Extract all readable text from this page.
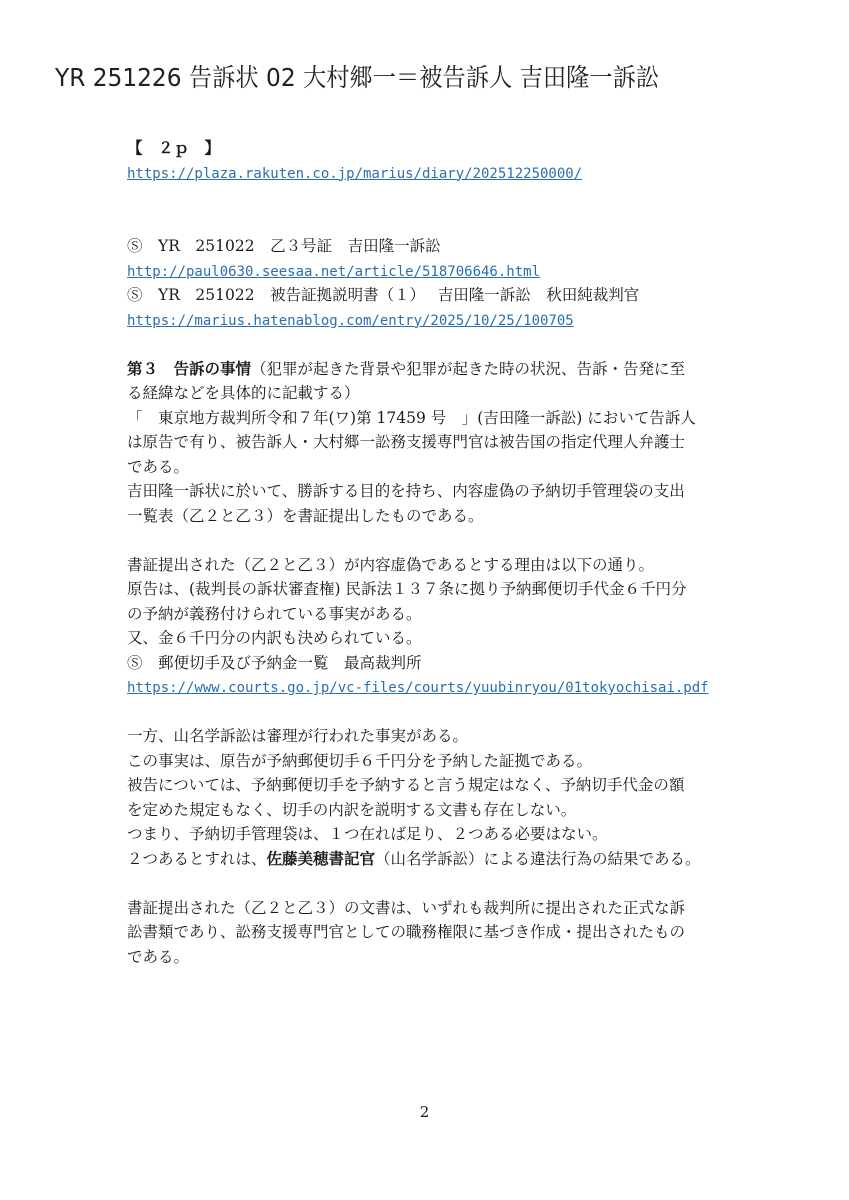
YR 251226 告訴状 02 大村郷一＝被告訴人 吉田隆一訴訟
【　２ｐ　】
https://plaza.rakuten.co.jp/marius/diary/202512250000/
Ⓢ　YR　251022　乙３号証　吉田隆一訴訟
http://paul0630.seesaa.net/article/518706646.html
Ⓢ　YR　251022　被告証拠説明書（１）　 吉田隆一訴訟　秋田純裁判官
https://marius.hatenablog.com/entry/2025/10/25/100705
第３　告訴の事情（犯罪が起きた背景や犯罪が起きた時の状況、告訴・告発に至
る経緯などを具体的に記載する）
「　東京地方裁判所令和７年(ワ)第 17459 号　」(吉田隆一訴訟) において告訴人
は原告で有り、被告訴人・大村郷一訟務支援専門官は被告国の指定代理人弁護士
である。
吉田隆一訴状に於いて、勝訴する目的を持ち、内容虚偽の予納切手管理袋の支出
一覧表（乙２と乙３）を書証提出したものである。
書証提出された（乙２と乙３）が内容虚偽であるとする理由は以下の通り。
原告は、(裁判長の訴状審査権) 民訴法１３７条に拠り予納郵便切手代金６千円分
の予納が義務付けられている事実がある。
又、金６千円分の内訳も決められている。
Ⓢ　郵便切手及び予納金一覧　最高裁判所
https://www.courts.go.jp/vc-files/courts/yuubinryou/01tokyochisai.pdf
一方、山名学訴訟は審理が行われた事実がある。
この事実は、原告が予納郵便切手６千円分を予納した証拠である。
被告については、予納郵便切手を予納すると言う規定はなく、予納切手代金の額
を定めた規定もなく、切手の内訳を説明する文書も存在しない。
つまり、予納切手管理袋は、１つ在れば足り、２つある必要はない。
２つあるとすれは、佐藤美穂書記官（山名学訴訟）による違法行為の結果である。
書証提出された（乙２と乙３）の文書は、いずれも裁判所に提出された正式な訴
訟書類であり、訟務支援専門官としての職務権限に基づき作成・提出されたもの
である。
2
